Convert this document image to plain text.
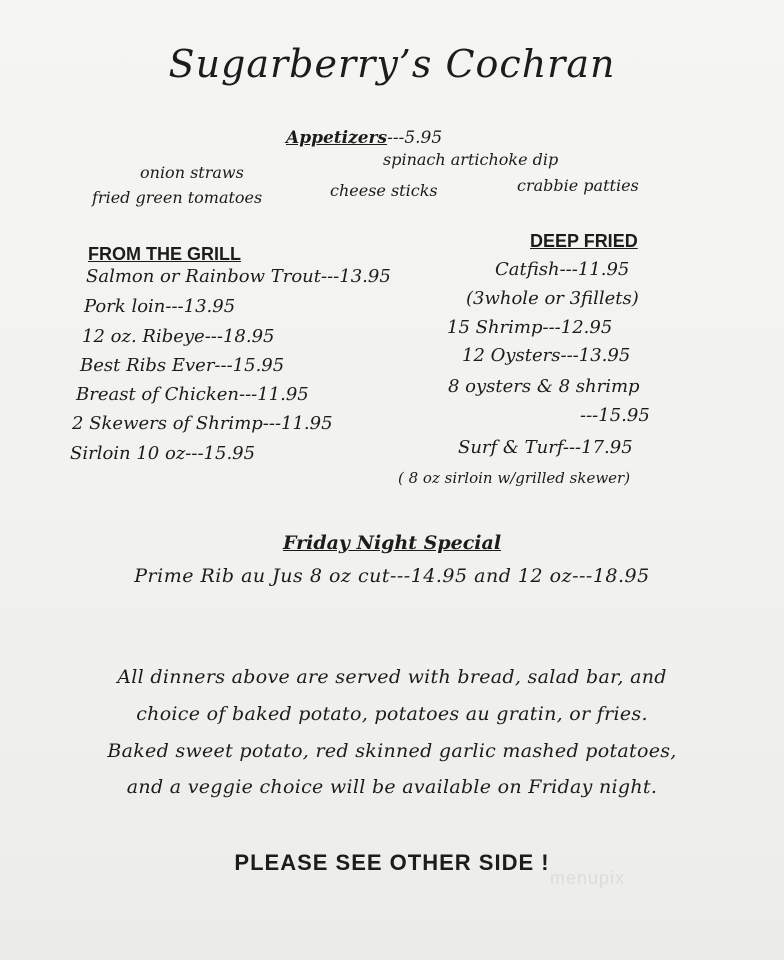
Sugarberry’s Cochran
Appetizers---5.95
onion straws
spinach artichoke dip
fried green tomatoes	cheese sticks	crabbie patties
FROM THE GRILL
Salmon or Rainbow Trout---13.95
Pork loin---13.95
12 oz. Ribeye---18.95
Best Ribs Ever---15.95
Breast of Chicken---11.95
2 Skewers of Shrimp---11.95
Sirloin 10 oz---15.95
DEEP FRIED
Catfish---11.95
(3whole or 3fillets)
15 Shrimp---12.95
12 Oysters---13.95
8 oysters & 8 shrimp
---15.95
Surf & Turf---17.95
( 8 oz sirloin w/grilled skewer)
Friday Night Special
Prime Rib au Jus 8 oz cut---14.95 and 12 oz---18.95
All dinners above are served with bread, salad bar, and
choice of baked potato, potatoes au gratin, or fries.
Baked sweet potato, red skinned garlic mashed potatoes,
and a veggie choice will be available on Friday night.
PLEASE SEE OTHER SIDE !
menupix
